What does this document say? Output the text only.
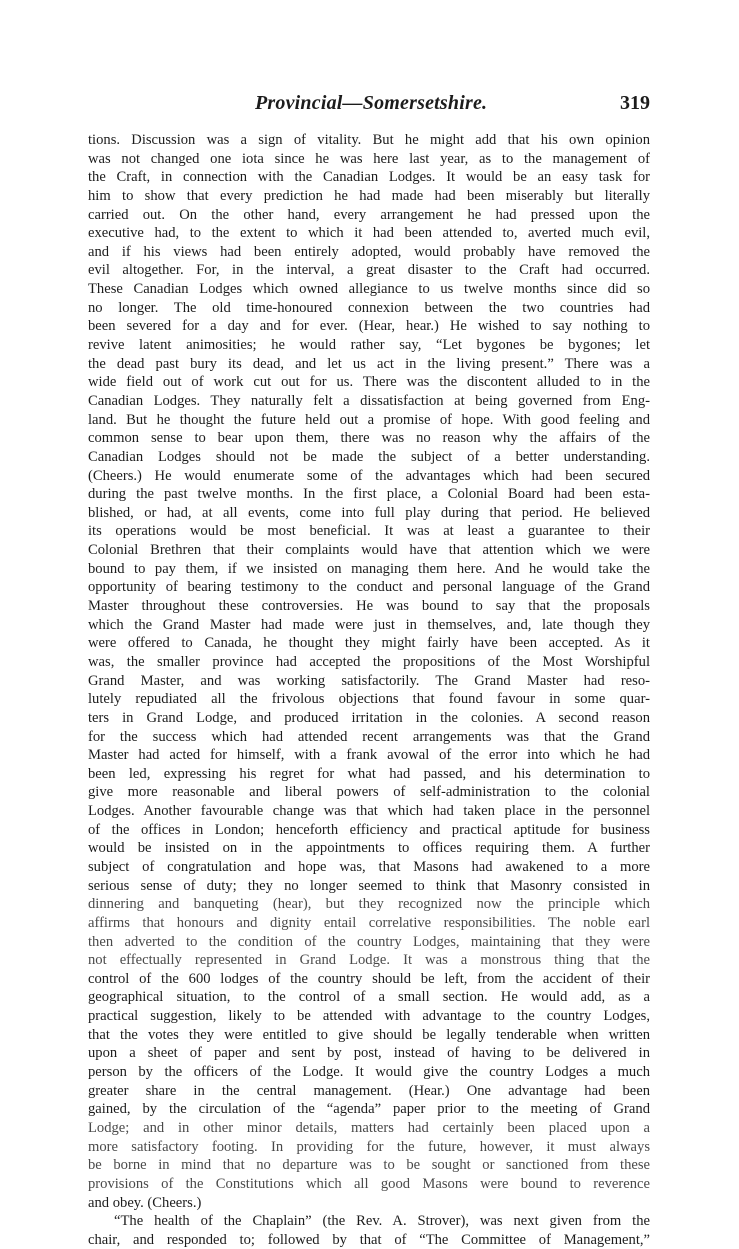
Provincial—Somersetshire.	319
tions. Discussion was a sign of vitality. But he might add that his own opinion
was not changed one iota since he was here last year, as to the management of
the Craft, in connection with the Canadian Lodges. It would be an easy task for
him to show that every prediction he had made had been miserably but literally
carried out. On the other hand, every arrangement he had pressed upon the
executive had, to the extent to which it had been attended to, averted much evil,
and if his views had been entirely adopted, would probably have removed the
evil altogether. For, in the interval, a great disaster to the Craft had occurred.
These Canadian Lodges which owned allegiance to us twelve months since did so
no longer. The old time-honoured connexion between the two countries had
been severed for a day and for ever. (Hear, hear.) He wished to say nothing to
revive latent animosities; he would rather say, “Let bygones be bygones; let
the dead past bury its dead, and let us act in the living present.” There was a
wide field out of work cut out for us. There was the discontent alluded to in the
Canadian Lodges. They naturally felt a dissatisfaction at being governed from Eng-
land. But he thought the future held out a promise of hope. With good feeling and
common sense to bear upon them, there was no reason why the affairs of the
Canadian Lodges should not be made the subject of a better understanding.
(Cheers.) He would enumerate some of the advantages which had been secured
during the past twelve months. In the first place, a Colonial Board had been esta-
blished, or had, at all events, come into full play during that period. He believed
its operations would be most beneficial. It was at least a guarantee to their
Colonial Brethren that their complaints would have that attention which we were
bound to pay them, if we insisted on managing them here. And he would take the
opportunity of bearing testimony to the conduct and personal language of the Grand
Master throughout these controversies. He was bound to say that the proposals
which the Grand Master had made were just in themselves, and, late though they
were offered to Canada, he thought they might fairly have been accepted. As it
was, the smaller province had accepted the propositions of the Most Worshipful
Grand Master, and was working satisfactorily. The Grand Master had reso-
lutely repudiated all the frivolous objections that found favour in some quar-
ters in Grand Lodge, and produced irritation in the colonies. A second reason
for the success which had attended recent arrangements was that the Grand
Master had acted for himself, with a frank avowal of the error into which he had
been led, expressing his regret for what had passed, and his determination to
give more reasonable and liberal powers of self-administration to the colonial
Lodges. Another favourable change was that which had taken place in the personnel
of the offices in London; henceforth efficiency and practical aptitude for business
would be insisted on in the appointments to offices requiring them. A further
subject of congratulation and hope was, that Masons had awakened to a more
serious sense of duty; they no longer seemed to think that Masonry consisted in
dinnering and banqueting (hear), but they recognized now the principle which
affirms that honours and dignity entail correlative responsibilities. The noble earl
then adverted to the condition of the country Lodges, maintaining that they were
not effectually represented in Grand Lodge. It was a monstrous thing that the
control of the 600 lodges of the country should be left, from the accident of their
geographical situation, to the control of a small section. He would add, as a
practical suggestion, likely to be attended with advantage to the country Lodges,
that the votes they were entitled to give should be legally tenderable when written
upon a sheet of paper and sent by post, instead of having to be delivered in
person by the officers of the Lodge. It would give the country Lodges a much
greater share in the central management. (Hear.) One advantage had been
gained, by the circulation of the “agenda” paper prior to the meeting of Grand
Lodge; and in other minor details, matters had certainly been placed upon a
more satisfactory footing. In providing for the future, however, it must always
be borne in mind that no departure was to be sought or sanctioned from these
provisions of the Constitutions which all good Masons were bound to reverence
and obey. (Cheers.)
“The health of the Chaplain” (the Rev. A. Strover), was next given from the
chair, and responded to; followed by that of “The Committee of Management,”
